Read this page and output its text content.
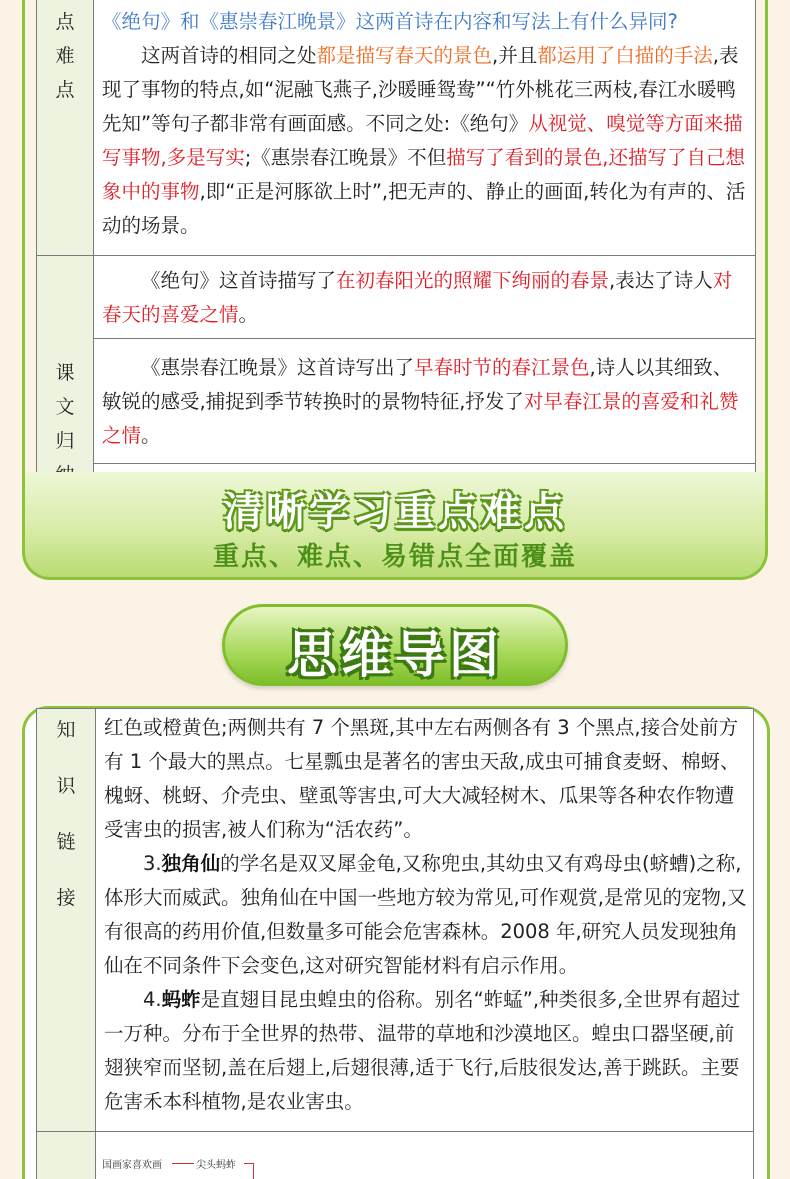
点
难
点
《绝句》和《惠崇春江晚景》这两首诗在内容和写法上有什么异同?
这两首诗的相同之处都是描写春天的景色,并且都运用了白描的手法,表现了事物的特点,如“泥融飞燕子,沙暖睡鸳鸯”“竹外桃花三两枝,春江水暖鸭先知”等句子都非常有画面感。不同之处:《绝句》从视觉、嗅觉等方面来描写事物,多是写实;《惠崇春江晚景》不但描写了看到的景色,还描写了自己想象中的事物,即“正是河豚欲上时”,把无声的、静止的画面,转化为有声的、活动的场景。
课
文
归
《绝句》这首诗描写了在初春阳光的照耀下绚丽的春景,表达了诗人对春天的喜爱之情。
《惠崇春江晚景》这首诗写出了早春时节的春江景色,诗人以其细致、敏锐的感受,捕捉到季节转换时的景物特征,抒发了对早春江景的喜爱和礼赞之情。
清晰学习重点难点
重点、难点、易错点全面覆盖
思维导图
知
识
链
接
红色或橙黄色;两侧共有 7 个黑斑,其中左右两侧各有 3 个黑点,接合处前方有 1 个最大的黑点。七星瓢虫是著名的害虫天敌,成虫可捕食麦蚜、棉蚜、槐蚜、桃蚜、介壳虫、壁虱等害虫,可大大减轻树木、瓜果等各种农作物遭受害虫的损害,被人们称为“活农药”。
3.独角仙的学名是双叉犀金龟,又称兜虫,其幼虫又有鸡母虫(蛴螬)之称,体形大而威武。独角仙在中国一些地方较为常见,可作观赏,是常见的宠物,又有很高的药用价值,但数量多可能会危害森林。2008 年,研究人员发现独角仙在不同条件下会变色,这对研究智能材料有启示作用。
4.蚂蚱是直翅目昆虫蝗虫的俗称。别名“蚱蜢”,种类很多,全世界有超过一万种。分布于全世界的热带、温带的草地和沙漠地区。蝗虫口器坚硬,前翅狭窄而坚韧,盖在后翅上,后翅很薄,适于飞行,后肢很发达,善于跳跃。主要危害禾本科植物,是农业害虫。
国画家喜欢画	尖头蚂蚱
